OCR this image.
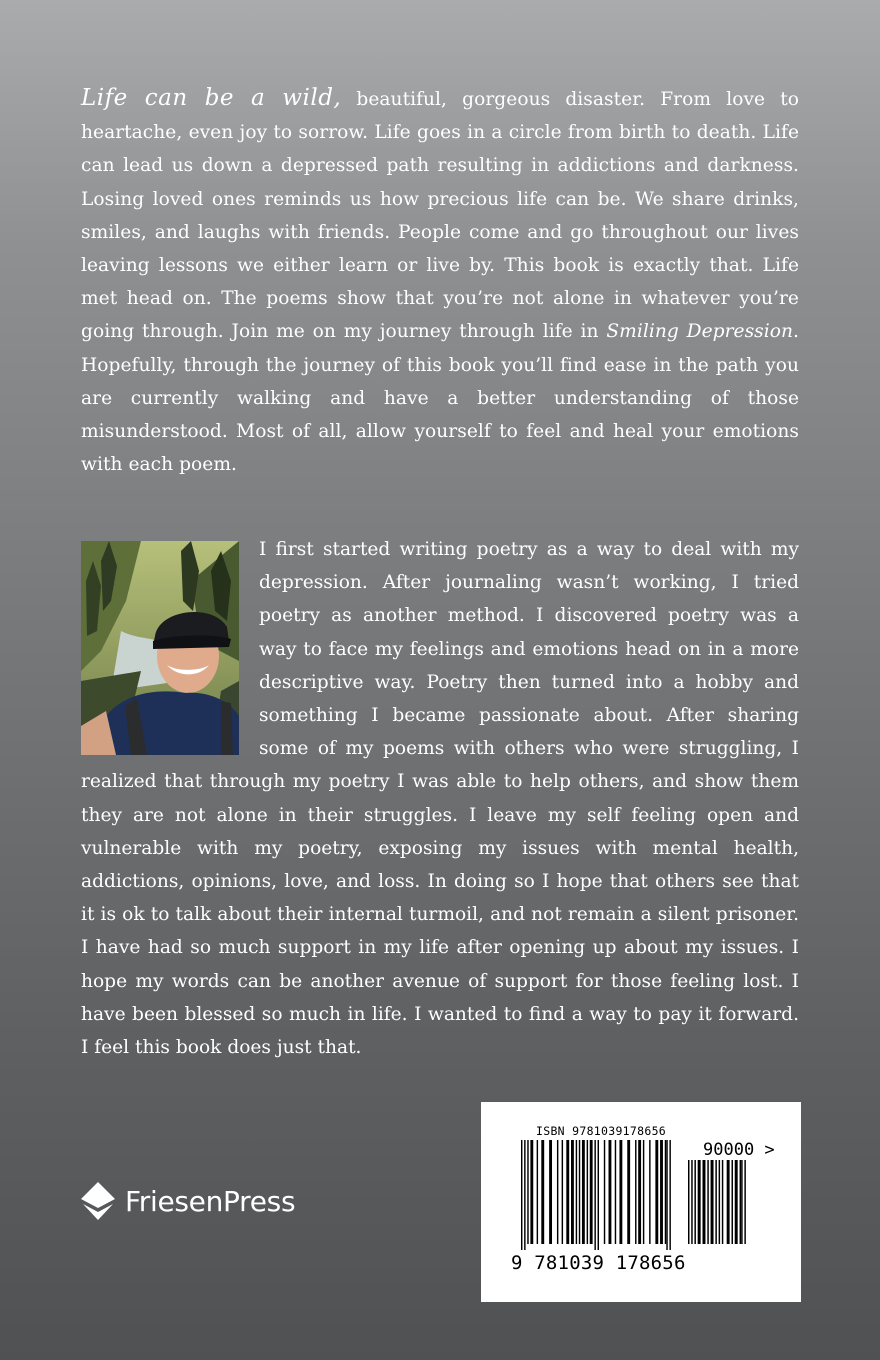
Life can be a wild, beautiful, gorgeous disaster. From love to heartache, even joy to sorrow. Life goes in a circle from birth to death. Life can lead us down a depressed path resulting in addictions and darkness. Losing loved ones reminds us how precious life can be. We share drinks, smiles, and laughs with friends. People come and go throughout our lives leaving lessons we either learn or live by. This book is exactly that. Life met head on. The poems show that you’re not alone in whatever you’re going through. Join me on my journey through life in Smiling Depression. Hopefully, through the journey of this book you’ll find ease in the path you are currently walking and have a better understanding of those misunderstood. Most of all, allow yourself to feel and heal your emotions with each poem.
I first started writing poetry as a way to deal with my depression. After journaling wasn’t working, I tried poetry as another method. I discovered poetry was a way to face my feelings and emotions head on in a more descriptive way. Poetry then turned into a hobby and something I became passionate about. After sharing some of my poems with others who were struggling, I realized that through my poetry I was able to help others, and show them they are not alone in their struggles. I leave my self feeling open and vulnerable with my poetry, exposing my issues with mental health, addictions, opinions, love, and loss. In doing so I hope that others see that it is ok to talk about their internal turmoil, and not remain a silent prisoner. I have had so much support in my life after opening up about my issues. I hope my words can be another avenue of support for those feeling lost. I have been blessed so much in life. I wanted to find a way to pay it forward. I feel this book does just that.
FriesenPress
ISBN 9781039178656
90000 >
9 781039 178656
